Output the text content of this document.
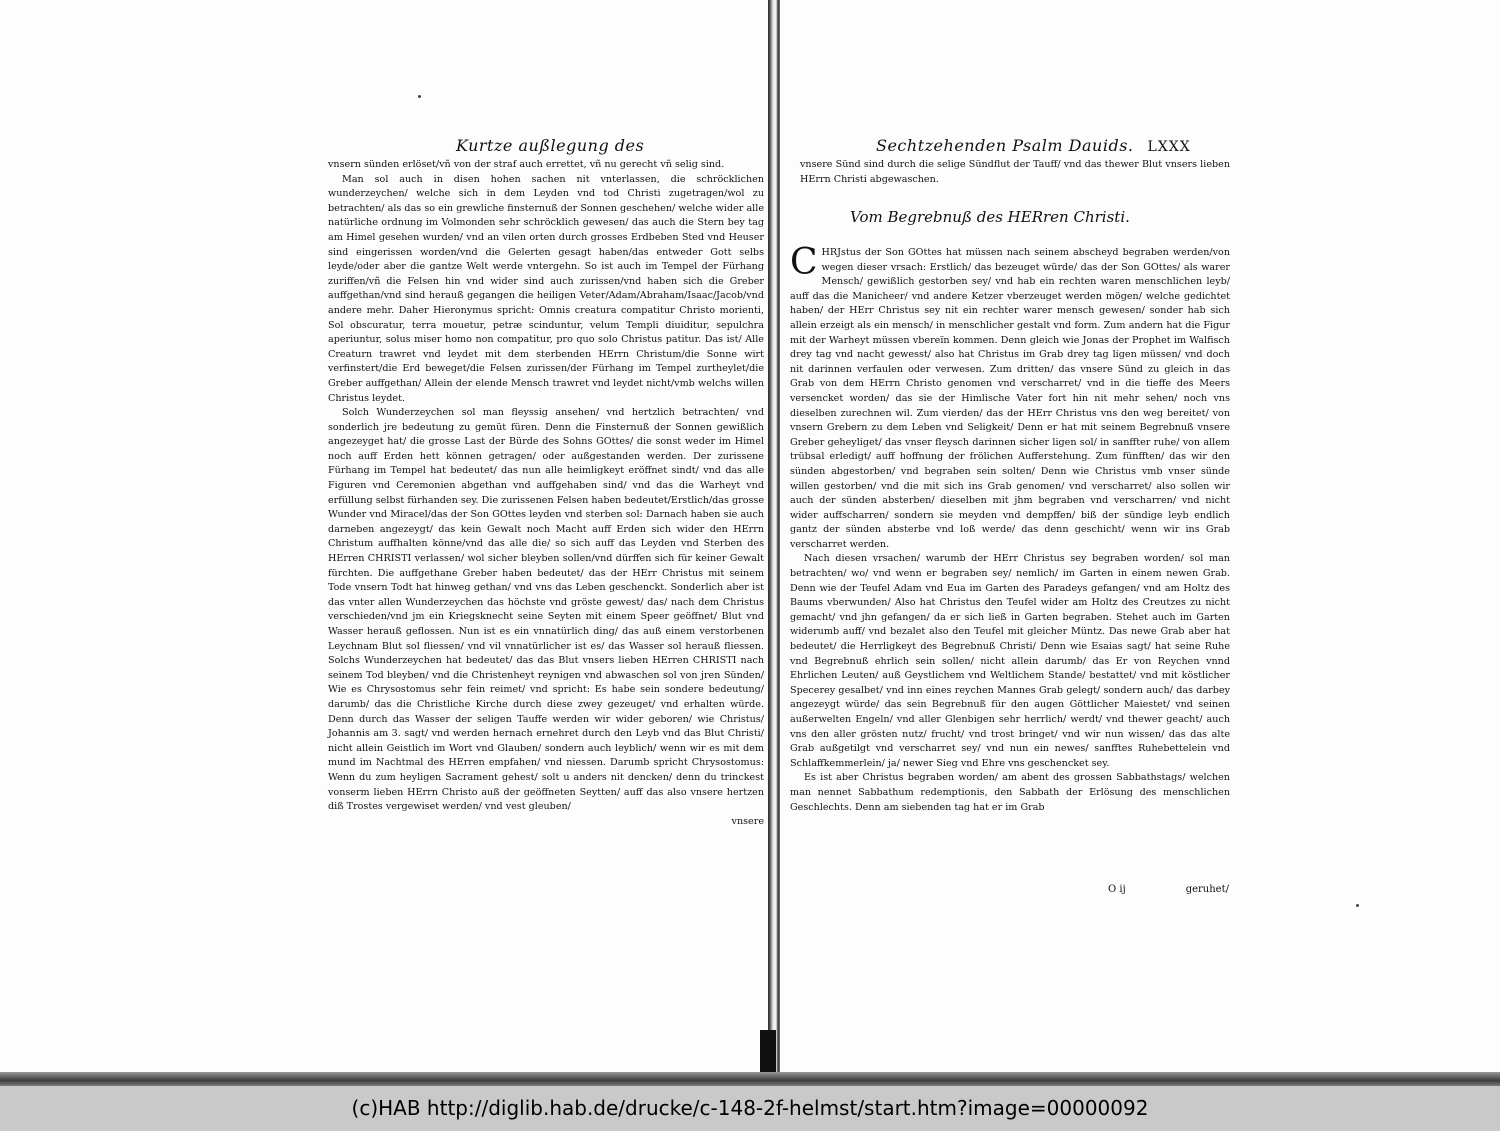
Kurtze außlegung des

vnsern sünden erlöset/vñ von der straf auch errettet, vñ nu gerecht vñ selig sind.

Man sol auch in disen hohen sachen nit vnterlassen, die schröcklichen wunderzeychen/ welche sich in dem Leyden vnd tod Christi zugetragen/wol zu betrachten/ als das so ein grewliche finsternuß der Sonnen geschehen/ welche wider alle natürliche ordnung im Volmonden sehr schröcklich gewesen/ das auch die Stern bey tag am Himel gesehen wurden/ vnd an vilen orten durch grosses Erdbeben Sted vnd Heuser sind eingerissen worden/vnd die Gelerten gesagt haben/das entweder Gott selbs leyde/oder aber die gantze Welt werde vntergehn. So ist auch im Tempel der Fürhang zuriffen/vñ die Felsen hin vnd wider sind auch zurissen/vnd haben sich die Greber auffgethan/vnd sind herauß gegangen die heiligen Veter/Adam/Abraham/Isaac/Jacob/vnd andere mehr. Daher Hieronymus spricht: Omnis creatura compatitur Christo morienti, Sol obscuratur, terra mouetur, petræ scinduntur, velum Templi diuiditur, sepulchra aperiuntur, solus miser homo non compatitur, pro quo solo Christus patitur. Das ist/ Alle Creaturn trawret vnd leydet mit dem sterbenden HErrn Christum/die Sonne wirt verfinstert/die Erd beweget/die Felsen zurissen/der Fürhang im Tempel zurtheylet/die Greber auffgethan/ Allein der elende Mensch trawret vnd leydet nicht/vmb welchs willen Christus leydet.

Solch Wunderzeychen sol man fleyssig ansehen/ vnd hertzlich betrachten/ vnd sonderlich jre bedeutung zu gemüt füren. Denn die Finsternuß der Sonnen gewißlich angezeyget hat/ die grosse Last der Bürde des Sohns GOttes/ die sonst weder im Himel noch auff Erden hett können getragen/ oder außgestanden werden. Der zurissene Fürhang im Tempel hat bedeutet/ das nun alle heimligkeyt eröffnet sindt/ vnd das alle Figuren vnd Ceremonien abgethan vnd auffgehaben sind/ vnd das die Warheyt vnd erfüllung selbst fürhanden sey. Die zurissenen Felsen haben bedeutet/Erstlich/das grosse Wunder vnd Miracel/das der Son GOttes leyden vnd sterben sol: Darnach haben sie auch darneben angezeygt/ das kein Gewalt noch Macht auff Erden sich wider den HErrn Christum auffhalten könne/vnd das alle die/ so sich auff das Leyden vnd Sterben des HErren CHRISTI verlassen/ wol sicher bleyben sollen/vnd dürffen sich für keiner Gewalt fürchten. Die auffgethane Greber haben bedeutet/ das der HErr Christus mit seinem Tode vnsern Todt hat hinweg gethan/ vnd vns das Leben geschenckt. Sonderlich aber ist das vnter allen Wunderzeychen das höchste vnd gröste gewest/ das/ nach dem Christus verschieden/vnd jm ein Kriegsknecht seine Seyten mit einem Speer geöffnet/ Blut vnd Wasser herauß geflossen. Nun ist es ein vnnatürlich ding/ das auß einem verstorbenen Leychnam Blut sol fliessen/ vnd vil vnnatürlicher ist es/ das Wasser sol herauß fliessen. Solchs Wunderzeychen hat bedeutet/ das das Blut vnsers lieben HErren CHRISTI nach seinem Tod bleyben/ vnd die Christenheyt reynigen vnd abwaschen sol von jren Sünden/ Wie es Chrysostomus sehr fein reimet/ vnd spricht: Es habe sein sondere bedeutung/ darumb/ das die Christliche Kirche durch diese zwey gezeuget/ vnd erhalten würde. Denn durch das Wasser der seligen Tauffe werden wir wider geboren/ wie Christus/ Johannis am 3. sagt/ vnd werden hernach ernehret durch den Leyb vnd das Blut Christi/ nicht allein Geistlich im Wort vnd Glauben/ sondern auch leyblich/ wenn wir es mit dem mund im Nachtmal des HErren empfahen/ vnd niessen. Darumb spricht Chrysostomus: Wenn du zum heyligen Sacrament gehest/ solt u anders nit dencken/ denn du trinckest vonserm lieben HErrn Christo auß der geöffneten Seytten/ auff das also vnsere hertzen diß Trostes vergewiset werden/ vnd vest gleuben/

vnsere

Sechtzehenden Psalm Dauids. LXXX
vnsere Sünd sind durch die selige Sündflut der Tauff/ vnd das thewer Blut vnsers lieben HErrn Christi abgewaschen.
Vom Begrebnuß des HERren Christi.

C HRJstus der Son GOttes hat müssen nach seinem abscheyd begraben werden/von wegen dieser vrsach: Erstlich/ das bezeuget würde/ das der Son GOttes/ als warer Mensch/ gewißlich gestorben sey/ vnd hab ein rechten waren menschlichen leyb/ auff das die Manicheer/ vnd andere Ketzer vberzeuget werden mögen/ welche gedichtet haben/ der HErr Christus sey nit ein rechter warer mensch gewesen/ sonder hab sich allein erzeigt als ein mensch/ in menschlicher gestalt vnd form. Zum andern hat die Figur mit der Warheyt müssen vbereïn kommen. Denn gleich wie Jonas der Prophet im Walfisch drey tag vnd nacht gewesst/ also hat Christus im Grab drey tag ligen müssen/ vnd doch nit darinnen verfaulen oder verwesen. Zum dritten/ das vnsere Sünd zu gleich in das Grab von dem HErrn Christo genomen vnd verscharret/ vnd in die tieffe des Meers versencket worden/ das sie der Himlische Vater fort hin nit mehr sehen/ noch vns dieselben zurechnen wil. Zum vierden/ das der HErr Christus vns den weg bereitet/ von vnsern Grebern zu dem Leben vnd Seligkeit/ Denn er hat mit seinem Begrebnuß vnsere Greber geheyliget/ das vnser fleysch darinnen sicher ligen sol/ in sanffter ruhe/ von allem trübsal erledigt/ auff hoffnung der frölichen Aufferstehung. Zum fünfften/ das wir den sünden abgestorben/ vnd begraben sein solten/ Denn wie Christus vmb vnser sünde willen gestorben/ vnd die mit sich ins Grab genomen/ vnd verscharret/ also sollen wir auch der sünden absterben/ dieselben mit jhm begraben vnd verscharren/ vnd nicht wider auffscharren/ sondern sie meyden vnd dempffen/ biß der sündige leyb endlich gantz der sünden absterbe vnd loß werde/ das denn geschicht/ wenn wir ins Grab verscharret werden.

Nach diesen vrsachen/ warumb der HErr Christus sey begraben worden/ sol man betrachten/ wo/ vnd wenn er begraben sey/ nemlich/ im Garten in einem newen Grab. Denn wie der Teufel Adam vnd Eua im Garten des Paradeys gefangen/ vnd am Holtz des Baums vberwunden/ Also hat Christus den Teufel wider am Holtz des Creutzes zu nicht gemacht/ vnd jhn gefangen/ da er sich ließ in Garten begraben. Stehet auch im Garten widerumb auff/ vnd bezalet also den Teufel mit gleicher Müntz. Das newe Grab aber hat bedeutet/ die Herrligkeyt des Begrebnuß Christi/ Denn wie Esaias sagt/ hat seine Ruhe vnd Begrebnuß ehrlich sein sollen/ nicht allein darumb/ das Er von Reychen vnnd Ehrlichen Leuten/ auß Geystlichem vnd Weltlichem Stande/ bestattet/ vnd mit köstlicher Specerey gesalbet/ vnd inn eines reychen Mannes Grab gelegt/ sondern auch/ das darbey angezeygt würde/ das sein Begrebnuß für den augen Göttlicher Maiestet/ vnd seinen außerwelten Engeln/ vnd aller Glenbigen sehr herrlich/ werdt/ vnd thewer geacht/ auch vns den aller grösten nutz/ frucht/ vnd trost bringet/ vnd wir nun wissen/ das das alte Grab außgetilgt vnd verscharret sey/ vnd nun ein newes/ sanfftes Ruhebettelein vnd Schlaffkemmerlein/ ja/ newer Sieg vnd Ehre vns geschencket sey.

Es ist aber Christus begraben worden/ am abent des grossen Sabbathstags/ welchen man nennet Sabbathum redemptionis, den Sabbath der Erlösung des menschlichen Geschlechts. Denn am siebenden tag hat er im Grab

O ij	geruhet/
(c)HAB http://diglib.hab.de/drucke/c-148-2f-helmst/start.htm?image=00000092
